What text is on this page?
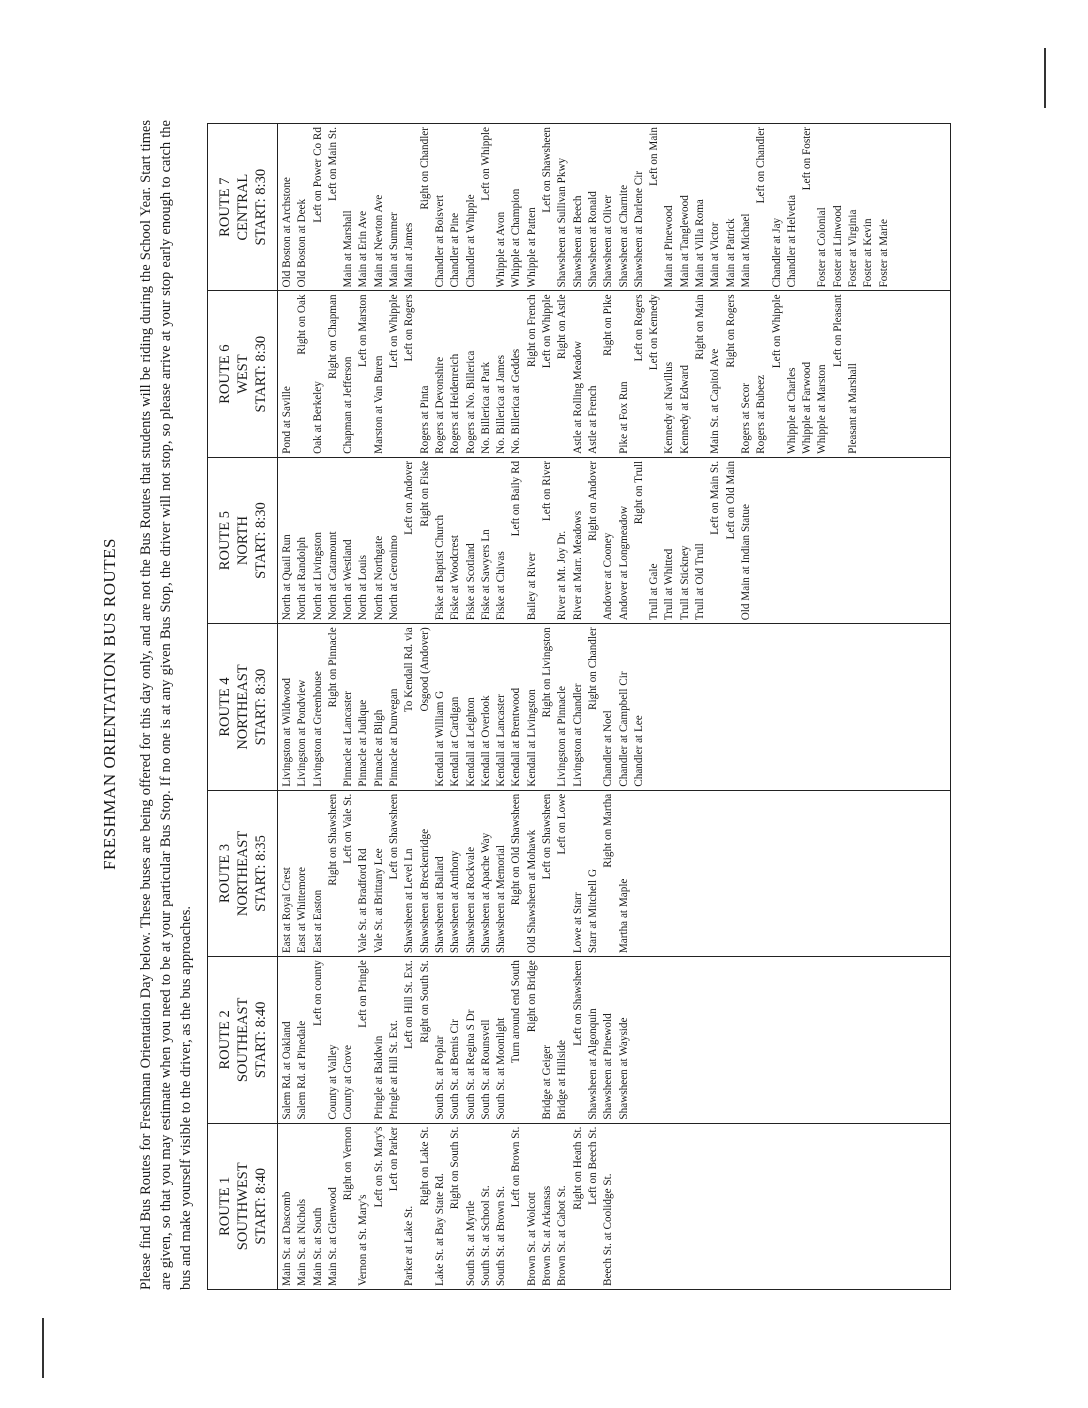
FRESHMAN ORIENTATION BUS ROUTES Please find Bus Routes for Freshman Orientation Day below. These buses are being offered for this day only, and are not the Bus Routes that students will be riding during the School Year. Start times are given, so that you may estimate when you need to be at your particular Bus Stop. If no one is at any given Bus Stop, the driver will not stop, so please arrive at your stop early enough to catch the bus and make yourself visible to the driver, as the bus approaches. ROUTE 1 SOUTHWEST START: 8:40 Main St. at Dascomb Main St. at Nichols Main St. at South Main St. at Glenwood
Right on Vernon
Vernon at St. Mary's
Left on St. Mary's Left on Parker
Parker at Lake St.
Right on Lake St.
Lake St. at Bay State Rd.
Right on South St.
South St. at Myrtle South St. at School St. South St. at Brown St.
Left on Brown St.
Brown St. at Wolcott Brown St. at Arkansas Brown St. at Cabot St.
Right on Heath St. Left on Beech St.
Beech St. at Coolidge St.
ROUTE 2 SOUTHEAST START: 8:40 Salem Rd. at Oakland Salem Rd. at Pinedale
Left on county
County at Valley County at Grove
Left on Pringle
Pringle at Baldwin Pringle at Hill St. Ext.
Left on Hill St. Ext. Right on South St.
South St. at Poplar South St. at Bemis Cir South St. at Regina S Dr South St. at Rounsvell South St. at Moonlight
Turn around end South Right on Bridge
Bridge at Geiger Bridge at Hillside
Left on Shawsheen
Shawsheen at Algonquin Shawsheen at Pinewold Shawsheen at Wayside
ROUTE 3 NORTHEAST START: 8:35 East at Royal Crest East at Whittemore East at Easton
Right on Shawsheen Left on Vale St.
Vale St. at Bradford Rd Vale St. at Brittany Lee
Left on Shawsheen
Shawsheen at Level Ln Shawsheen at Breckenridge Shawsheen at Ballard Shawsheen at Anthony Shawsheen at Rockvale Shawsheen at Apache Way Shawsheen at Memorial Right on Old Shawsheen Old Shawsheen at Mohawk Left on Shawsheen Left on Lowe
Lowe at Starr Starr at Mitchell G
Right on Martha
Martha at Maple
ROUTE 4 NORTHEAST START: 8:30 Livingston at Wildwood Livingston at Pondview Livingston at Greenhouse
Right on Pinnacle
Pinnacle at Lancaster Pinnacle at Judique Pinnacle at Bligh Pinnacle at Dunvegan
To Kendall Rd. via Osgood (Andover)
Kendall at William G Kendall at Cardigan Kendall at Leighton Kendall at Overlook Kendall at Lancaster Kendall at Brentwood Kendall at Livingston
Right on Livingston
Livingston at Pinnacle Livingston at Chandler
Right on Chandler
Chandler at Noel Chandler at Campbell Cir Chandler at Lee
ROUTE 5 NORTH START: 8:30 North at Quail Run North at Randolph North at Livingston North at Catamount North at Westland North at Louis North at Northgate North at Geronimo
Left on Andover Right on Fiske
Fiske at Baptist Church Fiske at Woodcrest Fiske at Scotland Fiske at Sawyers Ln Fiske at Chivas
Left on Baily Rd
Bailey at River
Left on River
River at Mt. Joy Dr. River at Marr. Meadows
Right on Andover
Andover at Cooney Andover at Longmeadow
Right on Trull
Trull at Gale Trull at Whitted Trull at Stickney Trull at Old Trull
Left on Main St. Left on Old Main
Old Main at Indian Statue
ROUTE 6 WEST START: 8:30
Pond at Saville
Right on Oak
Oak at Berkeley
Right on Chapman
Chapman at Jefferson
Left on Marston
Marston at Van Buren
Left on Whipple Left on Rogers
Rogers at Pinta Rogers at Devonshire Rogers at Heidenreich Rogers at No. Billerica No. Billerica at Park No. Billerica at James No. Billerica at Geddes
Right on French Left on Whipple Right on Astle
Astle at Rolling Meadow Astle at French
Right on Pike
Pike at Fox Run
Left on Rogers Left on Kennedy
Kennedy at Navillus Kennedy at Edward
Right on Main
Main St. at Capitol Ave
Right on Rogers
Rogers at Secor Rogers at Bubeez
Left on Whipple
Whipple at Charles Whipple at Farwood Whipple at Marston
Left on Pleasant
Pleasant at Marshall
ROUTE 7 CENTRAL START: 8:30 Old Boston at Archstone Old Boston at Deek
Left on Power Co Rd Left on Main St.
Main at Marshall Main at Erin Ave Main at Newton Ave Main at Summer Main at James
Right on Chandler
Chandler at Boisvert Chandler at Pine Chandler at Whipple
Left on Whipple
Whipple at Avon Whipple at Champion Whipple at Patten
Left on Shawsheen Shawsheen at Sullivan Pkwy Shawsheen at Beech Shawsheen at Ronald Shawsheen at Oliver Shawsheen at Charnite Shawsheen at Darlene Cir
Left on Main
Main at Pinewood Main at Tanglewood Main at Villa Roma Main at Victor Main at Patrick Main at Michael
Left on Chandler
Chandler at Jay Chandler at Helvetia
Left on Foster
Foster at Colonial Foster at Linwood Foster at Virginia Foster at Kevin Foster at Marie
